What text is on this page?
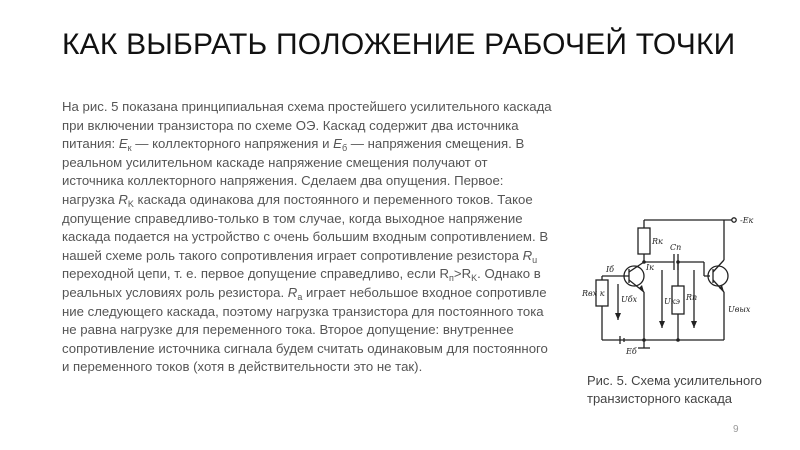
КАК ВЫБРАТЬ ПОЛОЖЕНИЕ РАБОЧЕЙ ТОЧКИ

На рис. 5 показана принципиальная схема простейшего усилительного каскада при включении транзистора по схеме ОЭ. Каскад содержит два источника питания: $E_к$ — коллекторного напряжения и $E_б$ — напряжения смещения. В реальном усилительном каскаде напряжение смещения получают от источника коллекторного напряжения. Сделаем два опущения. Первое: нагрузка $R_K$ каскада одинакова для постоянного и переменного токов. Такое допущение справедливо-только в том случае, когда выходное напряжение каскада подается на устройство с очень большим входным сопротивлением. В нашей схеме роль такого сопротивления играет сопротивление резистора $R_u$ переходной цепи, т. е. первое допущение справедливо, если $R_п>R_K$. Однако в реальных условиях роль резистора. $R_a$ играет небольшое входное сопротивле ние следующего каскада, поэтому нагрузка транзистора для постоянного тока не равна нагрузке для переменного тока. Второе допущение: внутреннее сопротивление источника сигнала будем считать одинаковым для постоянного и переменного токов (хотя в действительности это не так).

-Eк
Rк
Cп
Iк
Iб
Rвх к
Uбх	Uкэ Rп
Uвых
Eб

Рис. 5. Схема усилительного транзисторного каскада

9
